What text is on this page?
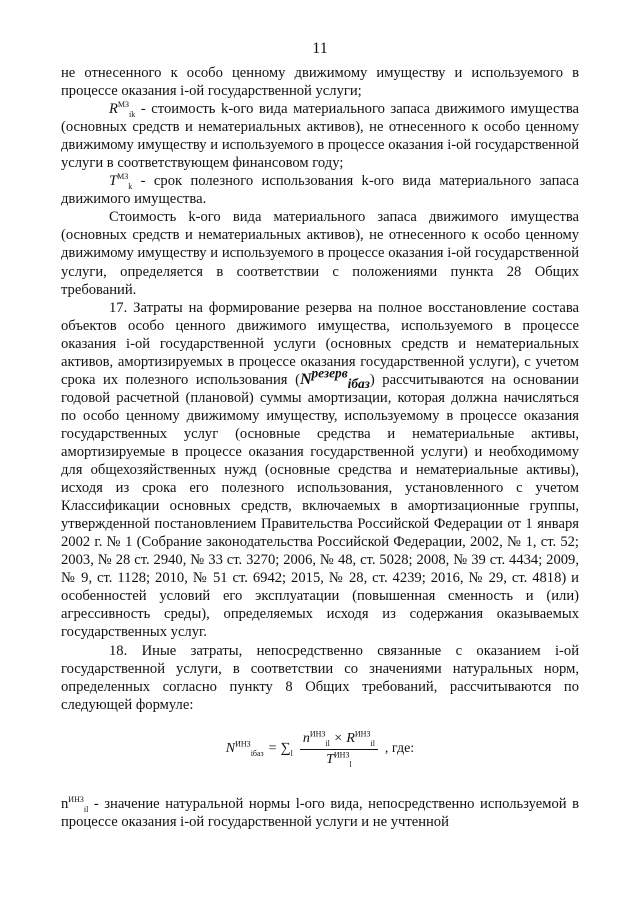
11

не отнесенного к особо ценному движимому имуществу и используемого в процессе оказания i-ой государственной услуги;

$R^{МЗ}_{ik}$ - стоимость k-ого вида материального запаса движимого имущества (основных средств и нематериальных активов), не отнесенного к особо ценному движимому имуществу и используемого в процессе оказания i-ой государственной услуги в соответствующем финансовом году;

$T^{МЗ}_k$ - срок полезного использования k-ого вида материального запаса движимого имущества.

Стоимость k-ого вида материального запаса движимого имущества (основных средств и нематериальных активов), не отнесенного к особо ценному движимому имуществу и используемого в процессе оказания i-ой государственной услуги, определяется в соответствии с положениями пункта 28 Общих требований.

17. Затраты на формирование резерва на полное восстановление состава объектов особо ценного движимого имущества, используемого в процессе оказания i-ой государственной услуги (основных средств и нематериальных активов, амортизируемых в процессе оказания государственной услуги), с учетом срока их полезного использования $(N^{резерв}_{iбаз})$ рассчитываются на основании годовой расчетной (плановой) суммы амортизации, которая должна начисляться по особо ценному движимому имуществу, используемому в процессе оказания государственных услуг (основные средства и нематериальные активы, амортизируемые в процессе оказания государственной услуги) и необходимому для общехозяйственных нужд (основные средства и нематериальные активы), исходя из срока его полезного использования, установленного с учетом Классификации основных средств, включаемых в амортизационные группы, утвержденной постановлением Правительства Российской Федерации от 1 января 2002 г. № 1 (Собрание законодательства Российской Федерации, 2002, № 1, ст. 52; 2003, № 28 ст. 2940, № 33 ст. 3270; 2006, № 48, ст. 5028; 2008, № 39 ст. 4434; 2009, № 9, ст. 1128; 2010, № 51 ст. 6942; 2015, № 28, ст. 4239; 2016, № 29, ст. 4818) и особенностей условий его эксплуатации (повышенная сменность и (или) агрессивность среды), определяемых исходя из содержания оказываемых государственных услуг.

18. Иные затраты, непосредственно связанные с оказанием i-ой государственной услуги, в соответствии со значениями натуральных норм, определенных согласно пункту 8 Общих требований, рассчитываются по следующей формуле:

$N^{ИНЗ}_{iбаз} = \sum_l \frac{n^{ИНЗ}_{il} \times R^{ИНЗ}_{il}}{T^{ИНЗ}_l}$ , где:

$n^{ИНЗ}_{il}$ - значение натуральной нормы l-ого вида, непосредственно используемой в процессе оказания i-ой государственной услуги и не учтенной
